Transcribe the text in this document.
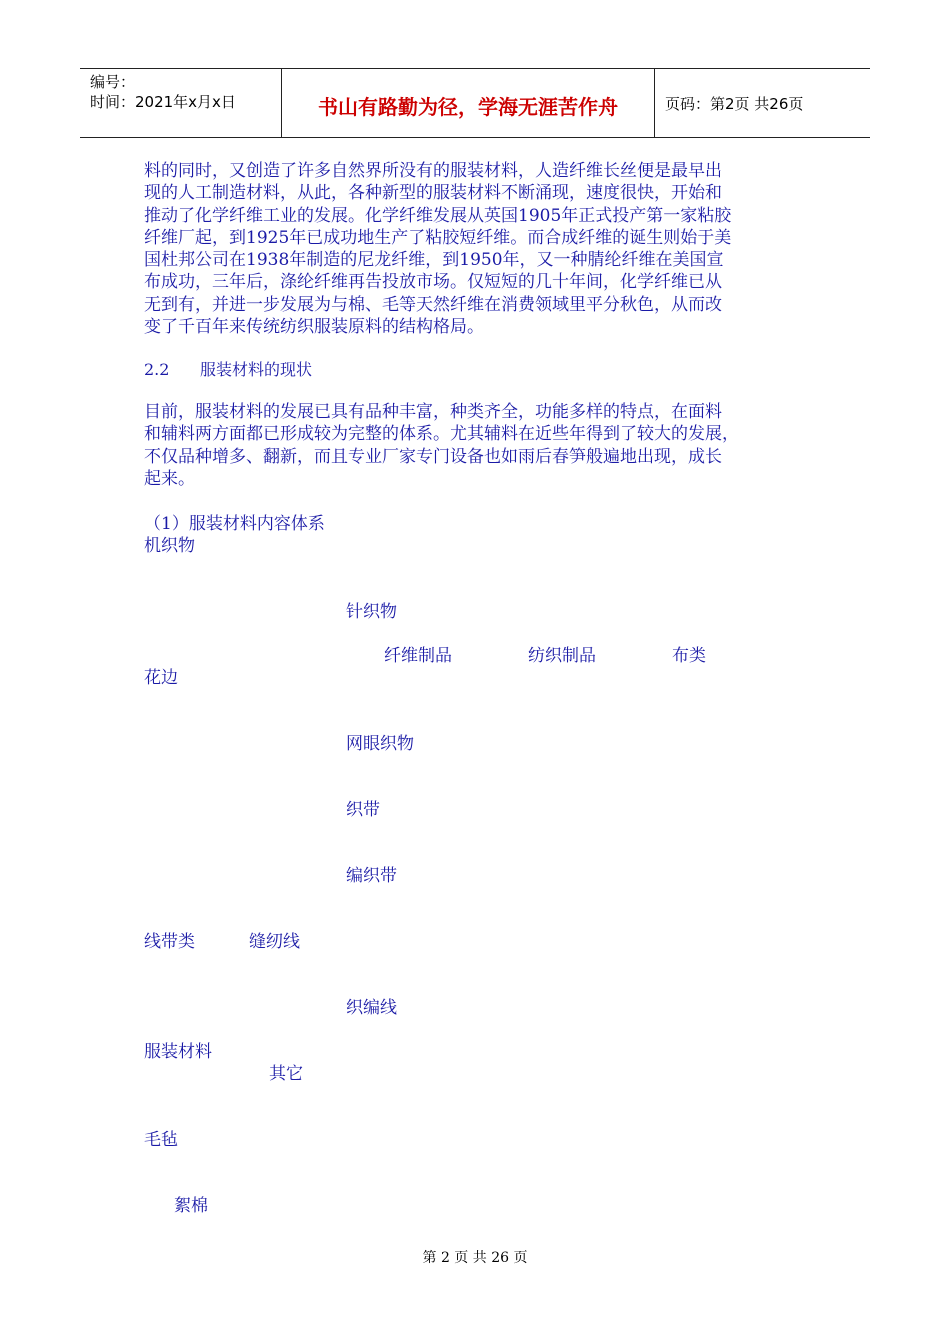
编号：
时间：2021年x月x日	书山有路勤为径，学海无涯苦作舟	页码：第2页 共26页
料的同时，又创造了许多自然界所没有的服装材料，人造纤维长丝便是最早出
现的人工制造材料，从此，各种新型的服装材料不断涌现，速度很快，开始和
推动了化学纤维工业的发展。化学纤维发展从英国1905年正式投产第一家粘胶
纤维厂起，到1925年已成功地生产了粘胶短纤维。而合成纤维的诞生则始于美
国杜邦公司在1938年制造的尼龙纤维，到1950年，又一种腈纶纤维在美国宣
布成功，三年后，涤纶纤维再告投放市场。仅短短的几十年间，化学纤维已从
无到有，并进一步发展为与棉、毛等天然纤维在消费领域里平分秋色，从而改
变了千百年来传统纺织服装原料的结构格局。
2.2 服装材料的现状
目前，服装材料的发展已具有品种丰富，种类齐全，功能多样的特点，在面料
和辅料两方面都已形成较为完整的体系。尤其辅料在近些年得到了较大的发展，
不仅品种增多、翻新，而且专业厂家专门设备也如雨后春笋般遍地出现，成长
起来。
（1）服装材料内容体系
机织物
针织物
纤维制品	纺织制品	布类
花边
网眼织物
织带
编织带
线带类	缝纫线
织编线
服装材料
其它
毛毡
絮棉
第 2 页 共 26 页
